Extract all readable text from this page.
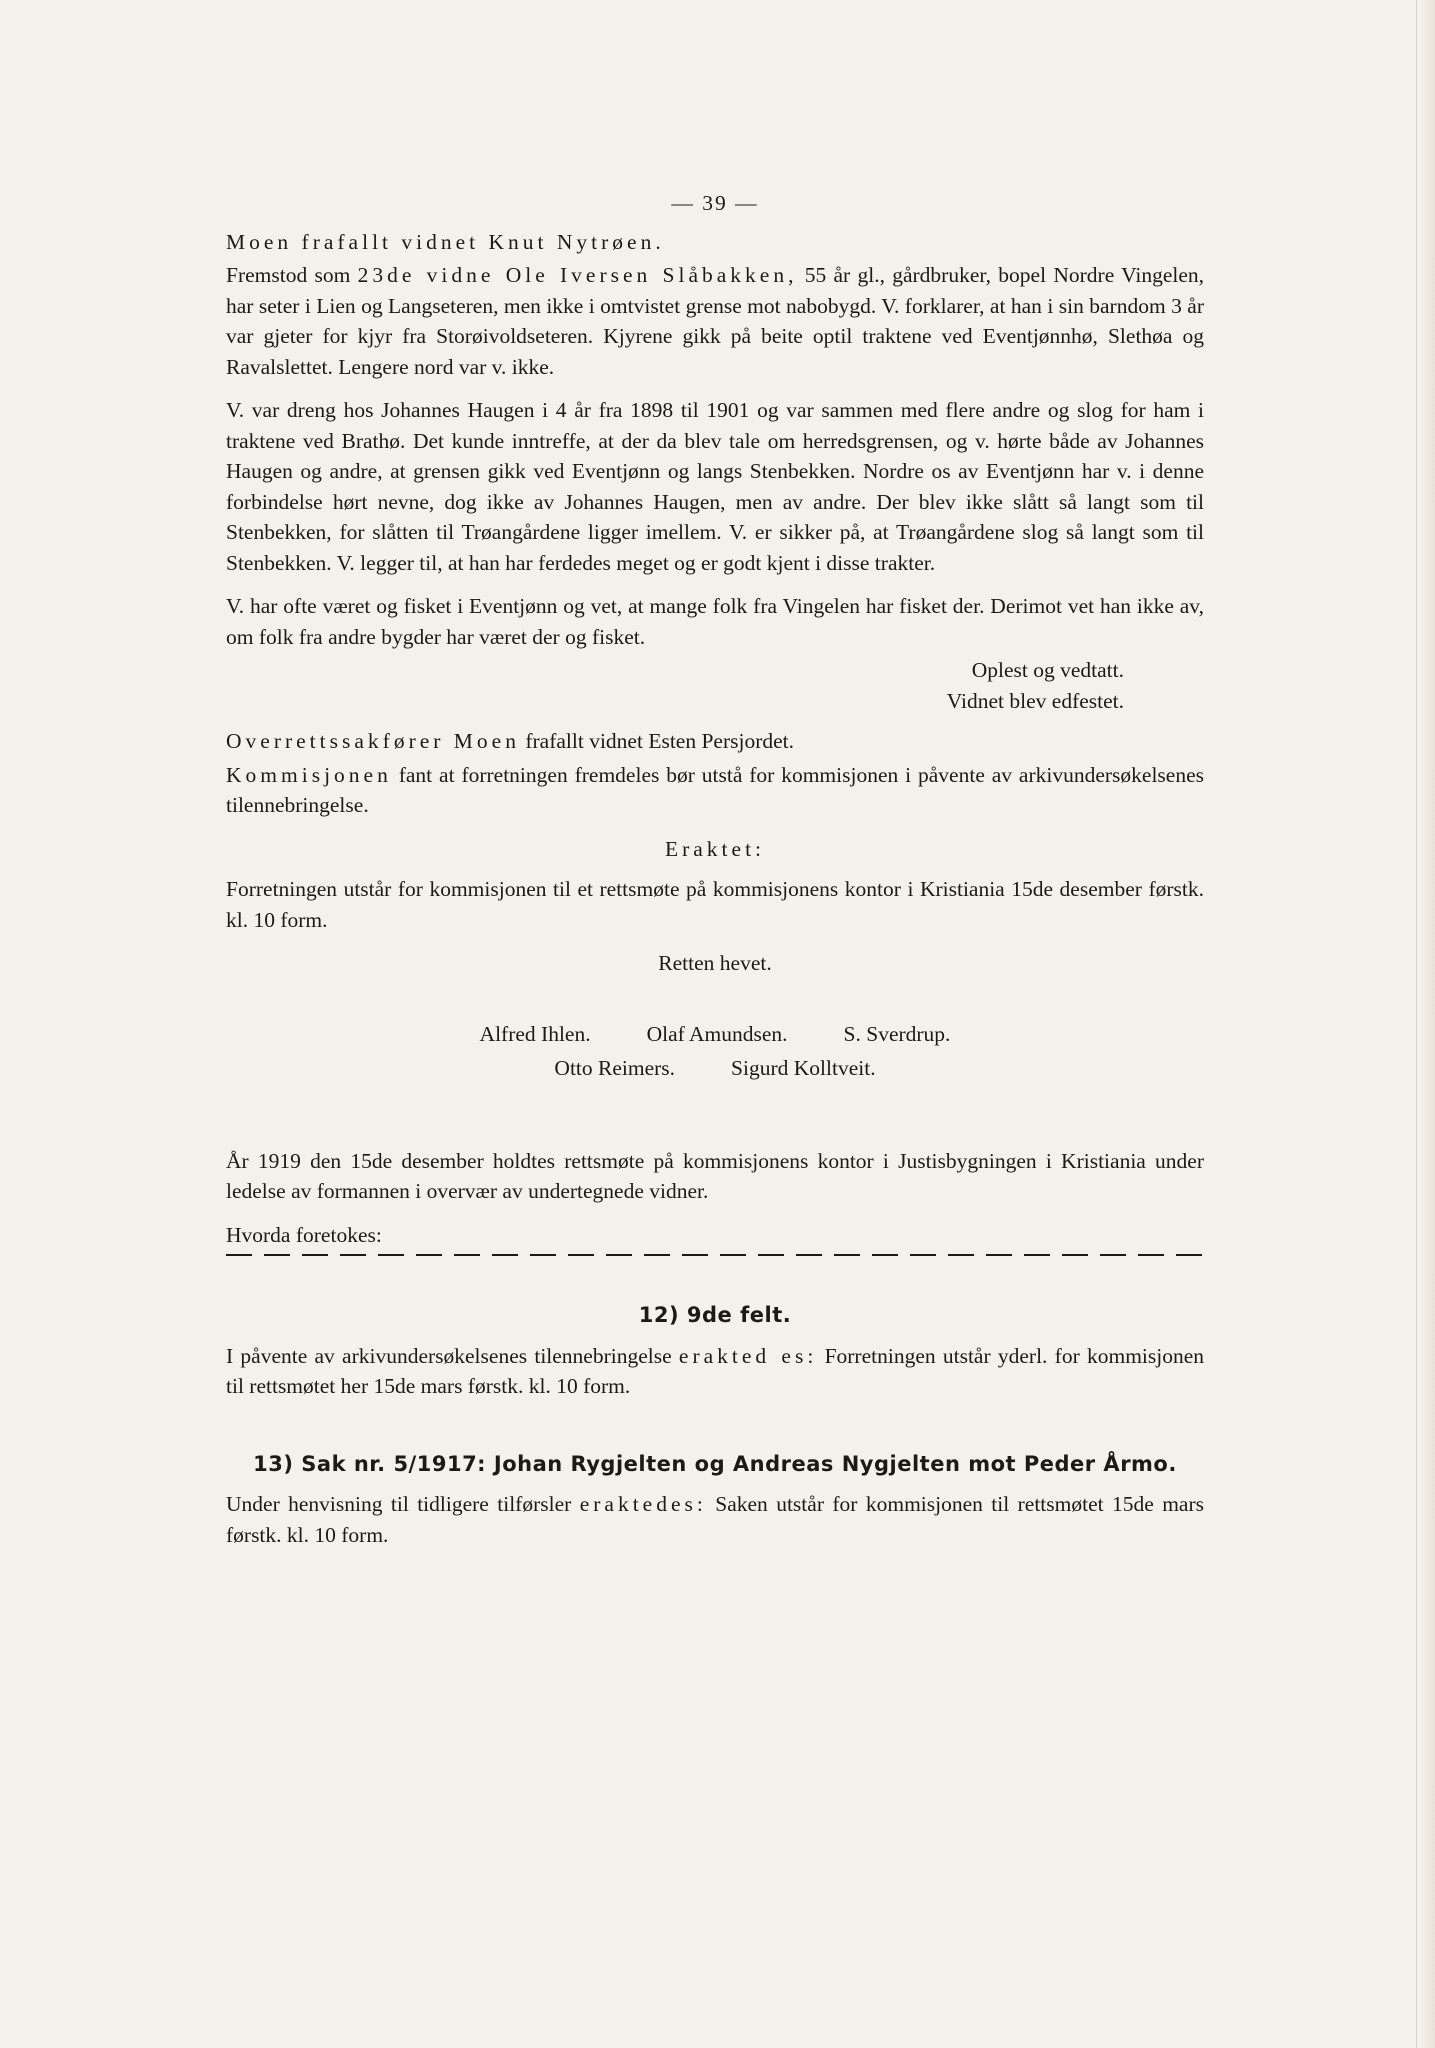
— 39 —

Moen frafallt vidnet Knut Nytrøen.

Fremstod som 23de vidne Ole Iversen Slåbakken, 55 år gl., gårdbruker, bopel Nordre Vingelen, har seter i Lien og Langseteren, men ikke i omtvistet grense mot nabobygd. V. forklarer, at han i sin barndom 3 år var gjeter for kjyr fra Storøivoldseteren. Kjyrene gikk på beite optil traktene ved Eventjønnhø, Slethøa og Ravalslettet. Lengere nord var v. ikke.

V. var dreng hos Johannes Haugen i 4 år fra 1898 til 1901 og var sammen med flere andre og slog for ham i traktene ved Brathø. Det kunde inntreffe, at der da blev tale om herredsgrensen, og v. hørte både av Johannes Haugen og andre, at grensen gikk ved Eventjønn og langs Stenbekken. Nordre os av Eventjønn har v. i denne forbindelse hørt nevne, dog ikke av Johannes Haugen, men av andre. Der blev ikke slått så langt som til Stenbekken, for slåtten til Trøangårdene ligger imellem. V. er sikker på, at Trøangårdene slog så langt som til Stenbekken. V. legger til, at han har ferdedes meget og er godt kjent i disse trakter.

V. har ofte været og fisket i Eventjønn og vet, at mange folk fra Vingelen har fisket der. Derimot vet han ikke av, om folk fra andre bygder har været der og fisket.

Oplest og vedtatt.
Vidnet blev edfestet.

Overrettssakfører Moen frafallt vidnet Esten Persjordet.

Kommisjonen fant at forretningen fremdeles bør utstå for kommisjonen i påvente av arkivundersøkelsenes tilennebringelse.

Eraktet:

Forretningen utstår for kommisjonen til et rettsmøte på kommisjonens kontor i Kristiania 15de desember førstk. kl. 10 form.

Retten hevet.
Alfred Ihlen.	Olaf Amundsen.	S. Sverdrup.
Otto Reimers.	Sigurd Kolltveit.

År 1919 den 15de desember holdtes rettsmøte på kommisjonens kontor i Justisbygningen i Kristiania under ledelse av formannen i overvær av undertegnede vidner.

Hvorda foretokes:
12) 9de felt.

I påvente av arkivundersøkelsenes tilennebringelse erakted es: Forretningen utstår yderl. for kommisjonen til rettsmøtet her 15de mars førstk. kl. 10 form.

13) Sak nr. 5/1917: Johan Rygjelten og Andreas Nygjelten mot Peder Årmo.

Under henvisning til tidligere tilførsler eraktedes: Saken utstår for kommisjonen til rettsmøtet 15de mars førstk. kl. 10 form.
